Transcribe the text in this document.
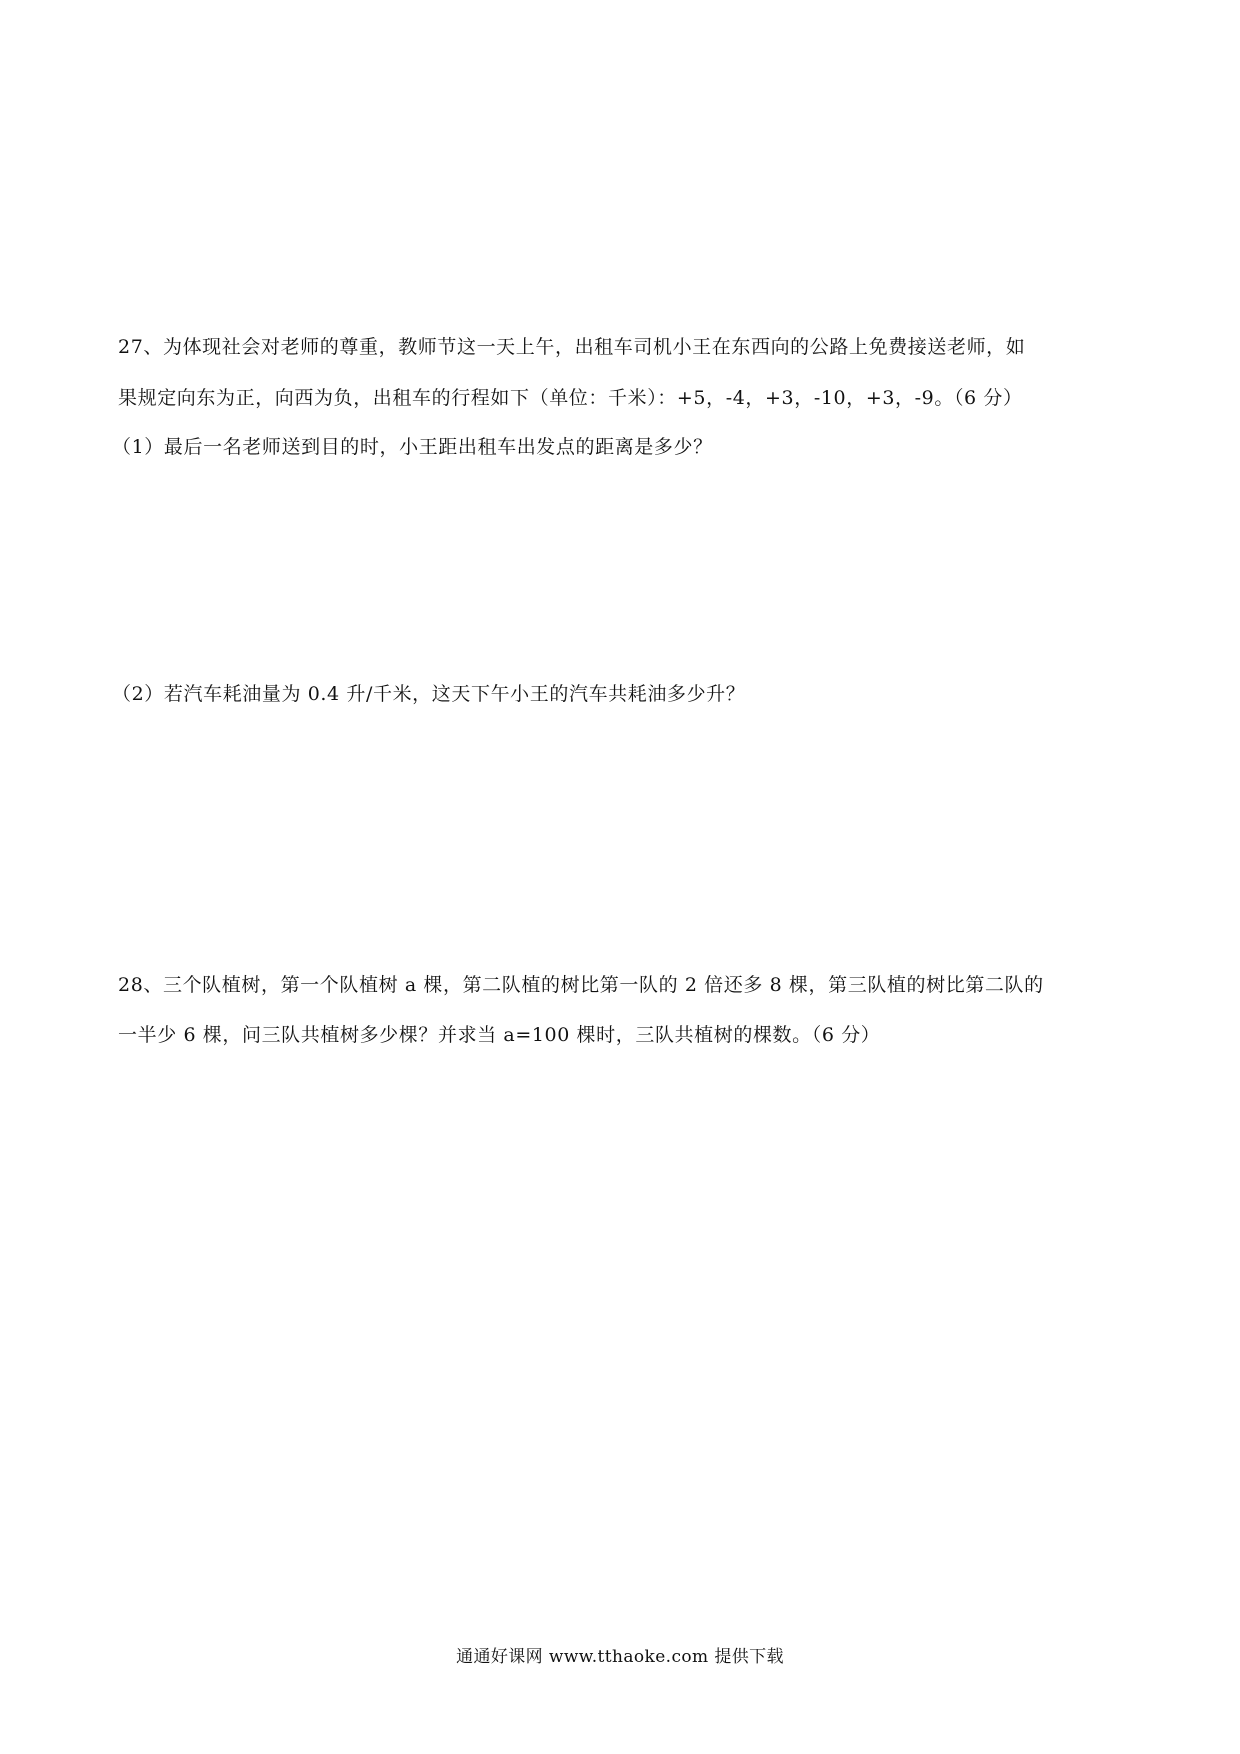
27、为体现社会对老师的尊重，教师节这一天上午，出租车司机小王在东西向的公路上免费接送老师，如
果规定向东为正，向西为负，出租车的行程如下（单位：千米）：+5，-4，+3，-10，+3，-9。（6 分）
（1）最后一名老师送到目的时，小王距出租车出发点的距离是多少？
（2）若汽车耗油量为 0.4 升/千米，这天下午小王的汽车共耗油多少升？
28、三个队植树，第一个队植树 a 棵，第二队植的树比第一队的 2 倍还多 8 棵，第三队植的树比第二队的
一半少 6 棵，问三队共植树多少棵？并求当 a=100 棵时，三队共植树的棵数。（6 分）
通通好课网 www.tthaoke.com 提供下载
